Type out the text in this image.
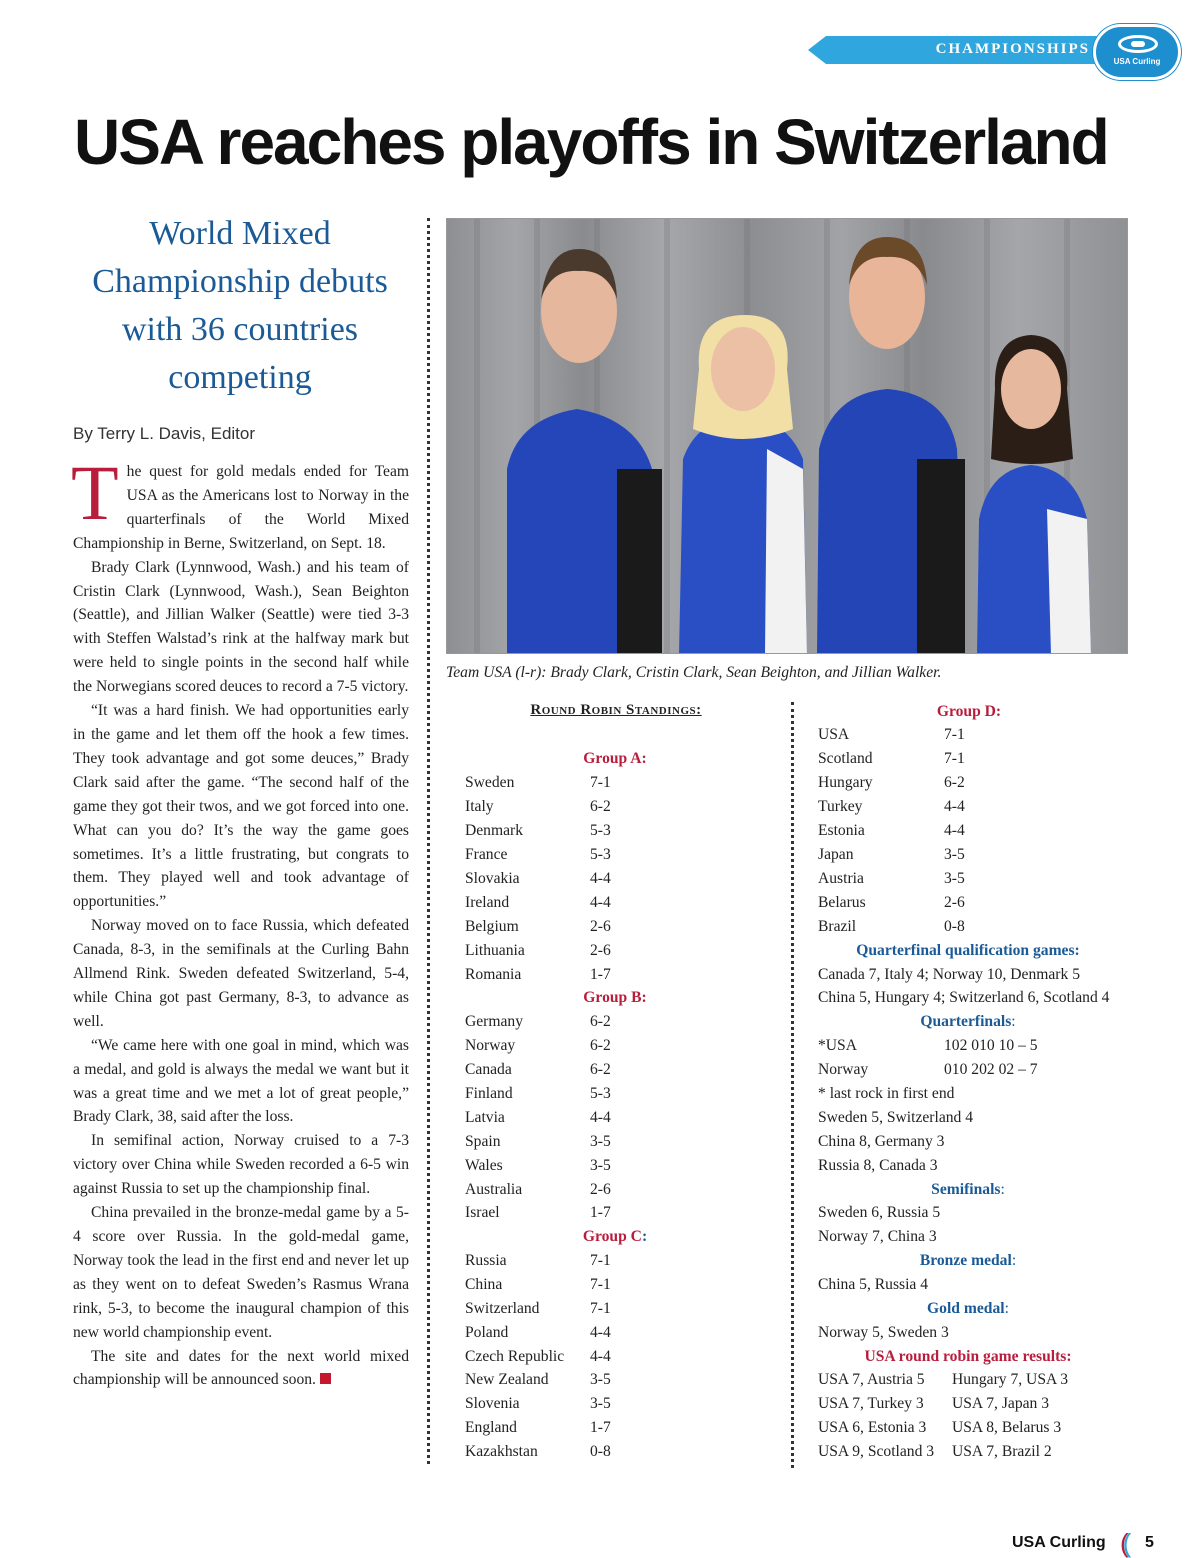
CHAMPIONSHIPS
USA Curling
USA reaches playoffs in Switzerland
World Mixed Championship debuts with 36 countries competing
By Terry L. Davis, Editor

The quest for gold medals ended for Team USA as the Americans lost to Norway in the quarterfinals of the World Mixed Championship in Berne, Switzerland, on Sept. 18.

Brady Clark (Lynnwood, Wash.) and his team of Cristin Clark (Lynnwood, Wash.), Sean Beighton (Seattle), and Jillian Walker (Seattle) were tied 3-3 with Steffen Walstad’s rink at the halfway mark but were held to single points in the second half while the Norwegians scored deuces to record a 7-5 victory.

“It was a hard finish. We had opportunities early in the game and let them off the hook a few times. They took advantage and got some deuces,” Brady Clark said after the game. “The second half of the game they got their twos, and we got forced into one. What can you do? It’s the way the game goes sometimes. It’s a little frustrating, but congrats to them. They played well and took advantage of opportunities.”

Norway moved on to face Russia, which defeated Canada, 8-3, in the semifinals at the Curling Bahn Allmend Rink. Sweden defeated Switzerland, 5-4, while China got past Germany, 8-3, to advance as well.

“We came here with one goal in mind, which was a medal, and gold is always the medal we want but it was a great time and we met a lot of great people,” Brady Clark, 38, said after the loss.

In semifinal action, Norway cruised to a 7-3 victory over China while Sweden recorded a 6-5 win against Russia to set up the championship final.

China prevailed in the bronze-medal game by a 5-4 score over Russia. In the gold-medal game, Norway took the lead in the first end and never let up as they went on to defeat Sweden’s Rasmus Wrana rink, 5-3, to become the inaugural champion of this new world championship event.

The site and dates for the next world mixed championship will be announced soon.

Team USA (l-r): Brady Clark, Cristin Clark, Sean Beighton, and Jillian Walker.
Round Robin Standings:
Group A:
Sweden	7-1
Italy	6-2
Denmark	5-3
France	5-3
Slovakia	4-4
Ireland	4-4
Belgium	2-6
Lithuania	2-6
Romania	1-7
Group B:
Germany	6-2
Norway	6-2
Canada	6-2
Finland	5-3
Latvia	4-4
Spain	3-5
Wales	3-5
Australia	2-6
Israel	1-7
Group C:
Russia	7-1
China	7-1
Switzerland	7-1
Poland	4-4
Czech Republic 4-4
New Zealand	3-5
Slovenia	3-5
England	1-7
Kazakhstan	0-8
Group D:
USA	7-1
Scotland	7-1
Hungary	6-2
Turkey	4-4
Estonia	4-4
Japan	3-5
Austria	3-5
Belarus	2-6
Brazil	0-8
Quarterfinal qualification games:
Canada 7, Italy 4; Norway 10, Denmark 5
China 5, Hungary 4; Switzerland 6, Scotland 4
Quarterfinals:
*USA	102 010 10 – 5
Norway	010 202 02 – 7
* last rock in first end
Sweden 5, Switzerland 4
China 8, Germany 3
Russia 8, Canada 3
Semifinals:
Sweden 6, Russia 5
Norway 7, China 3
Bronze medal:
China 5, Russia 4
Gold medal:
Norway 5, Sweden 3
USA round robin game results:
USA 7, Austria 5 Hungary 7, USA 3
USA 7, Turkey 3 USA 7, Japan 3
USA 6, Estonia 3 USA 8, Belarus 3
USA 9, Scotland 3 USA 7, Brazil 2
USA Curling (( 5
